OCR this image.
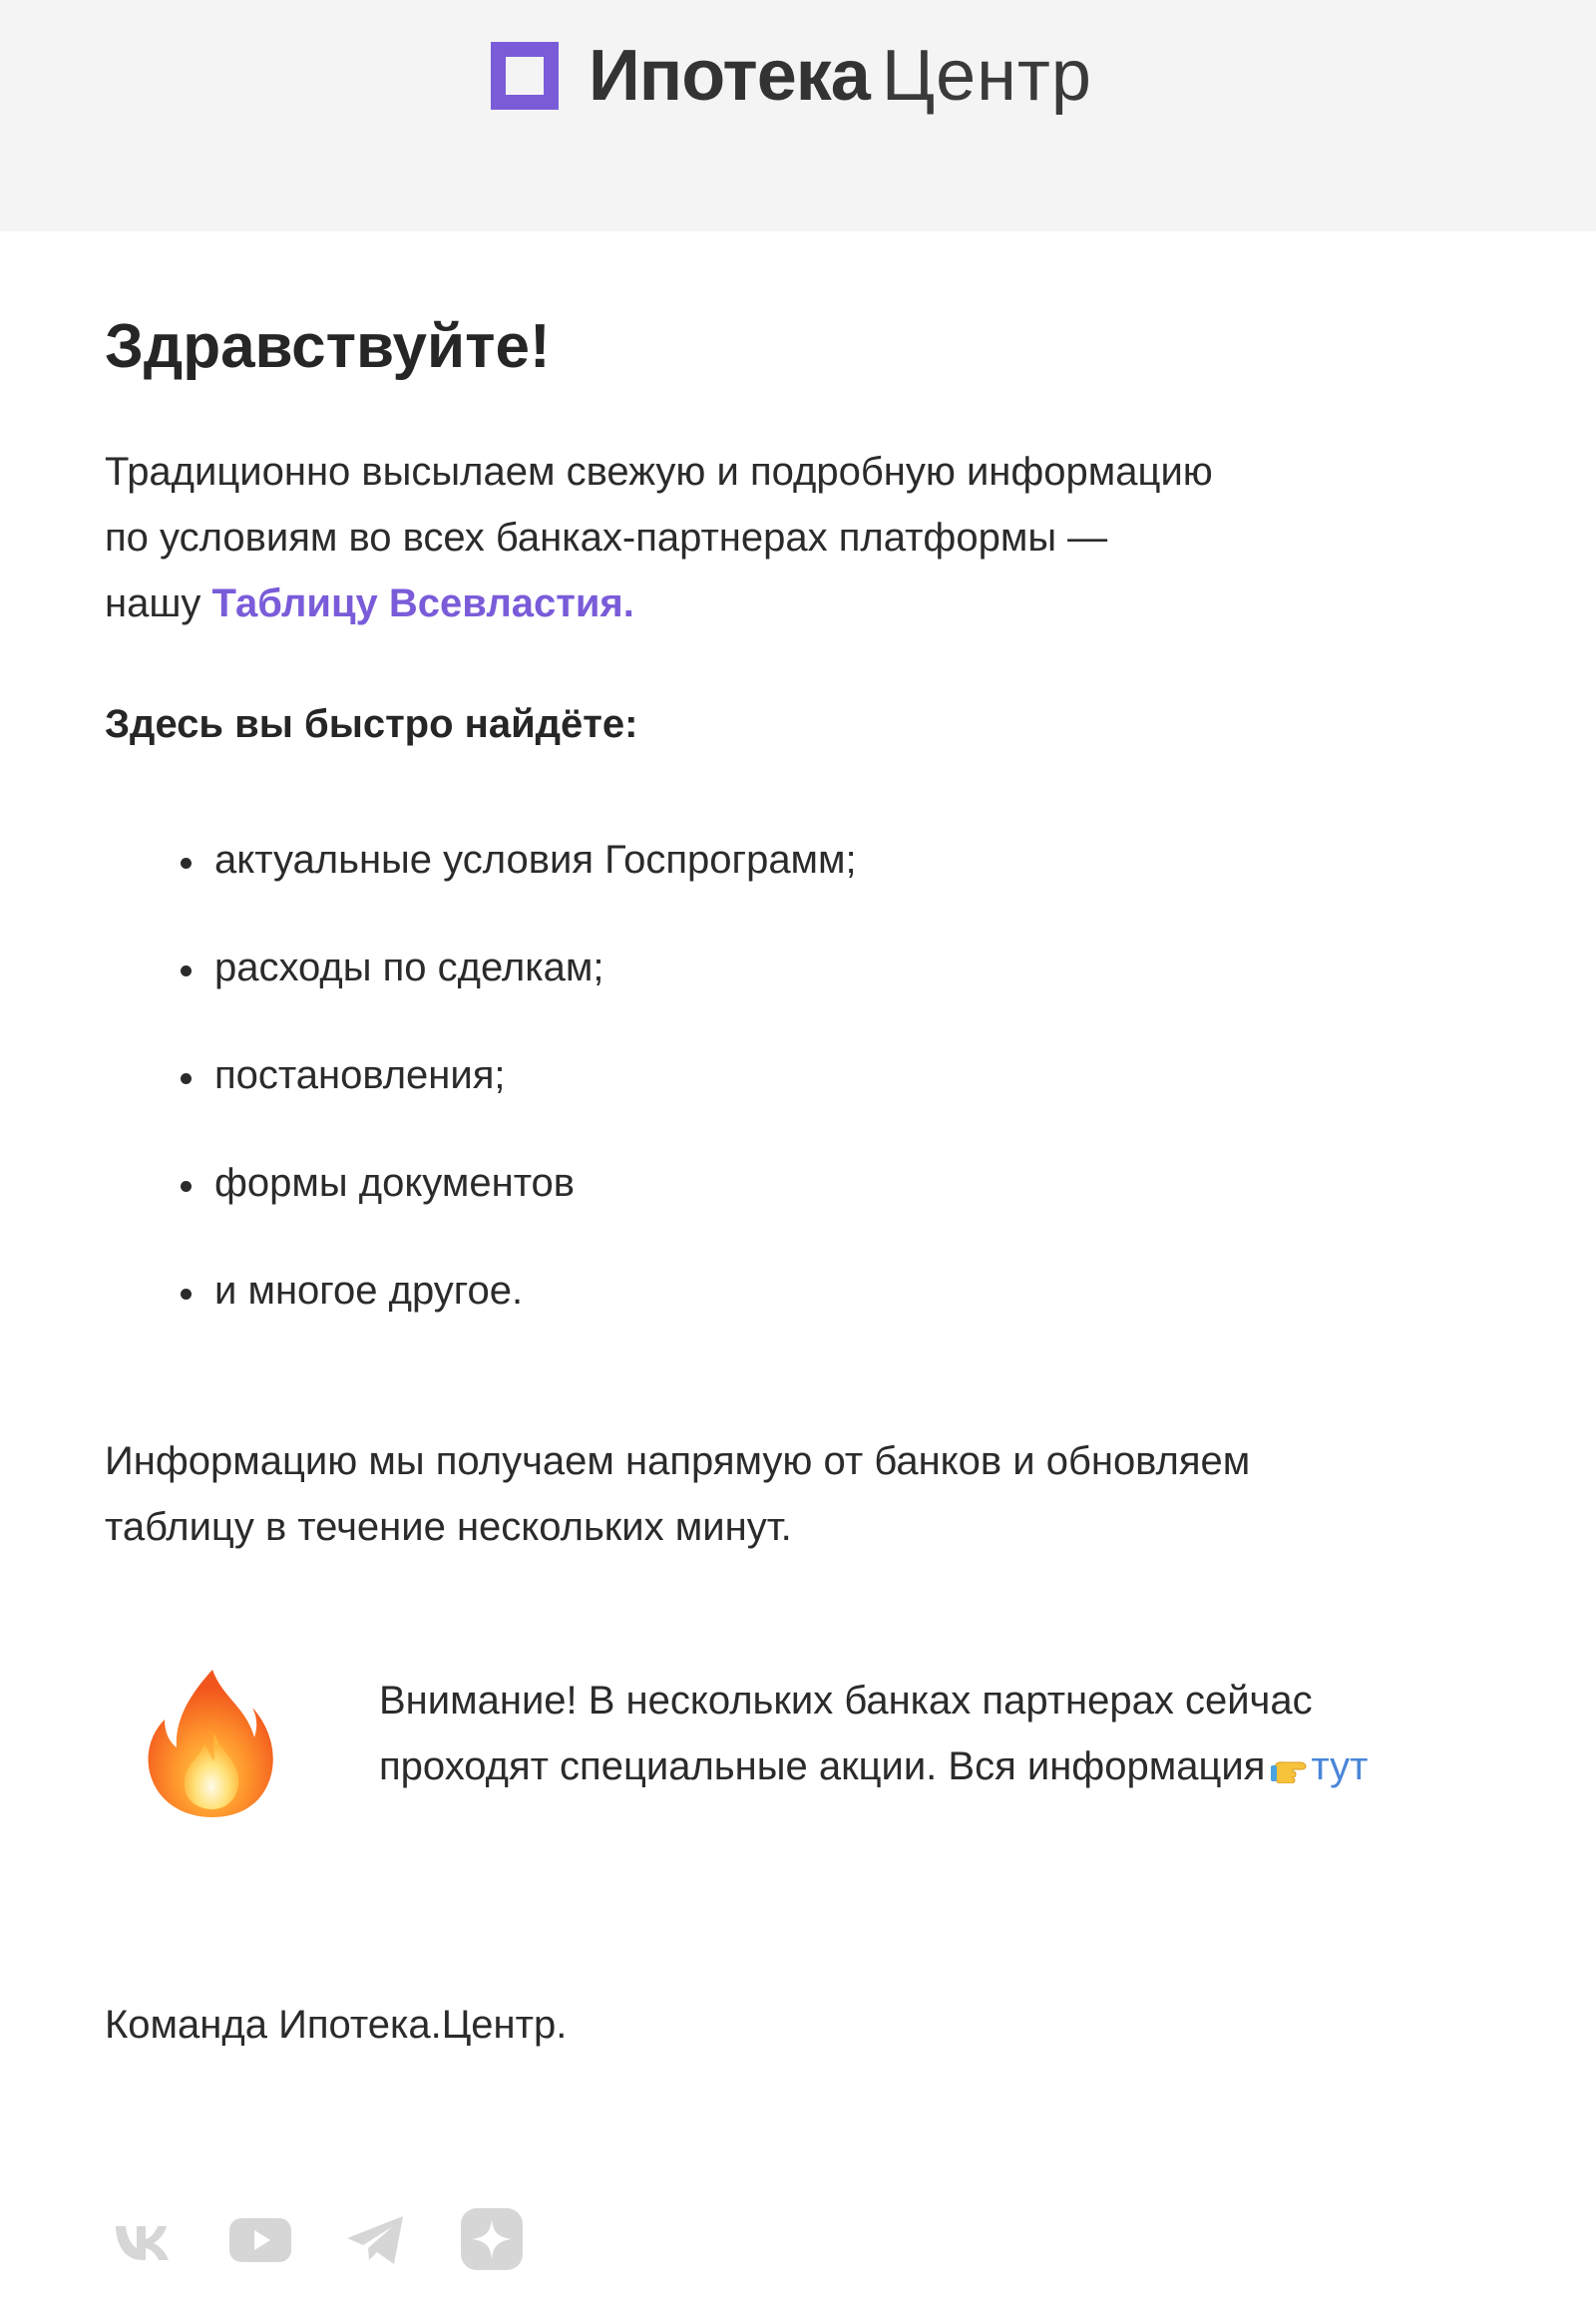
Ипотека Центр
Здравствуйте!
Традиционно высылаем свежую и подробную информацию
по условиям во всех банках-партнерах платформы —
нашу Таблицу Всевластия.
Здесь вы быстро найдёте:
актуальные условия Госпрограмм;
расходы по сделкам;
постановления;
формы документов
и многое другое.
Информацию мы получаем напрямую от банков и обновляем
таблицу в течение нескольких минут.
Внимание! В нескольких банках партнерах сейчас
проходят специальные акции. Вся информация тут
Команда Ипотека.Центр.
